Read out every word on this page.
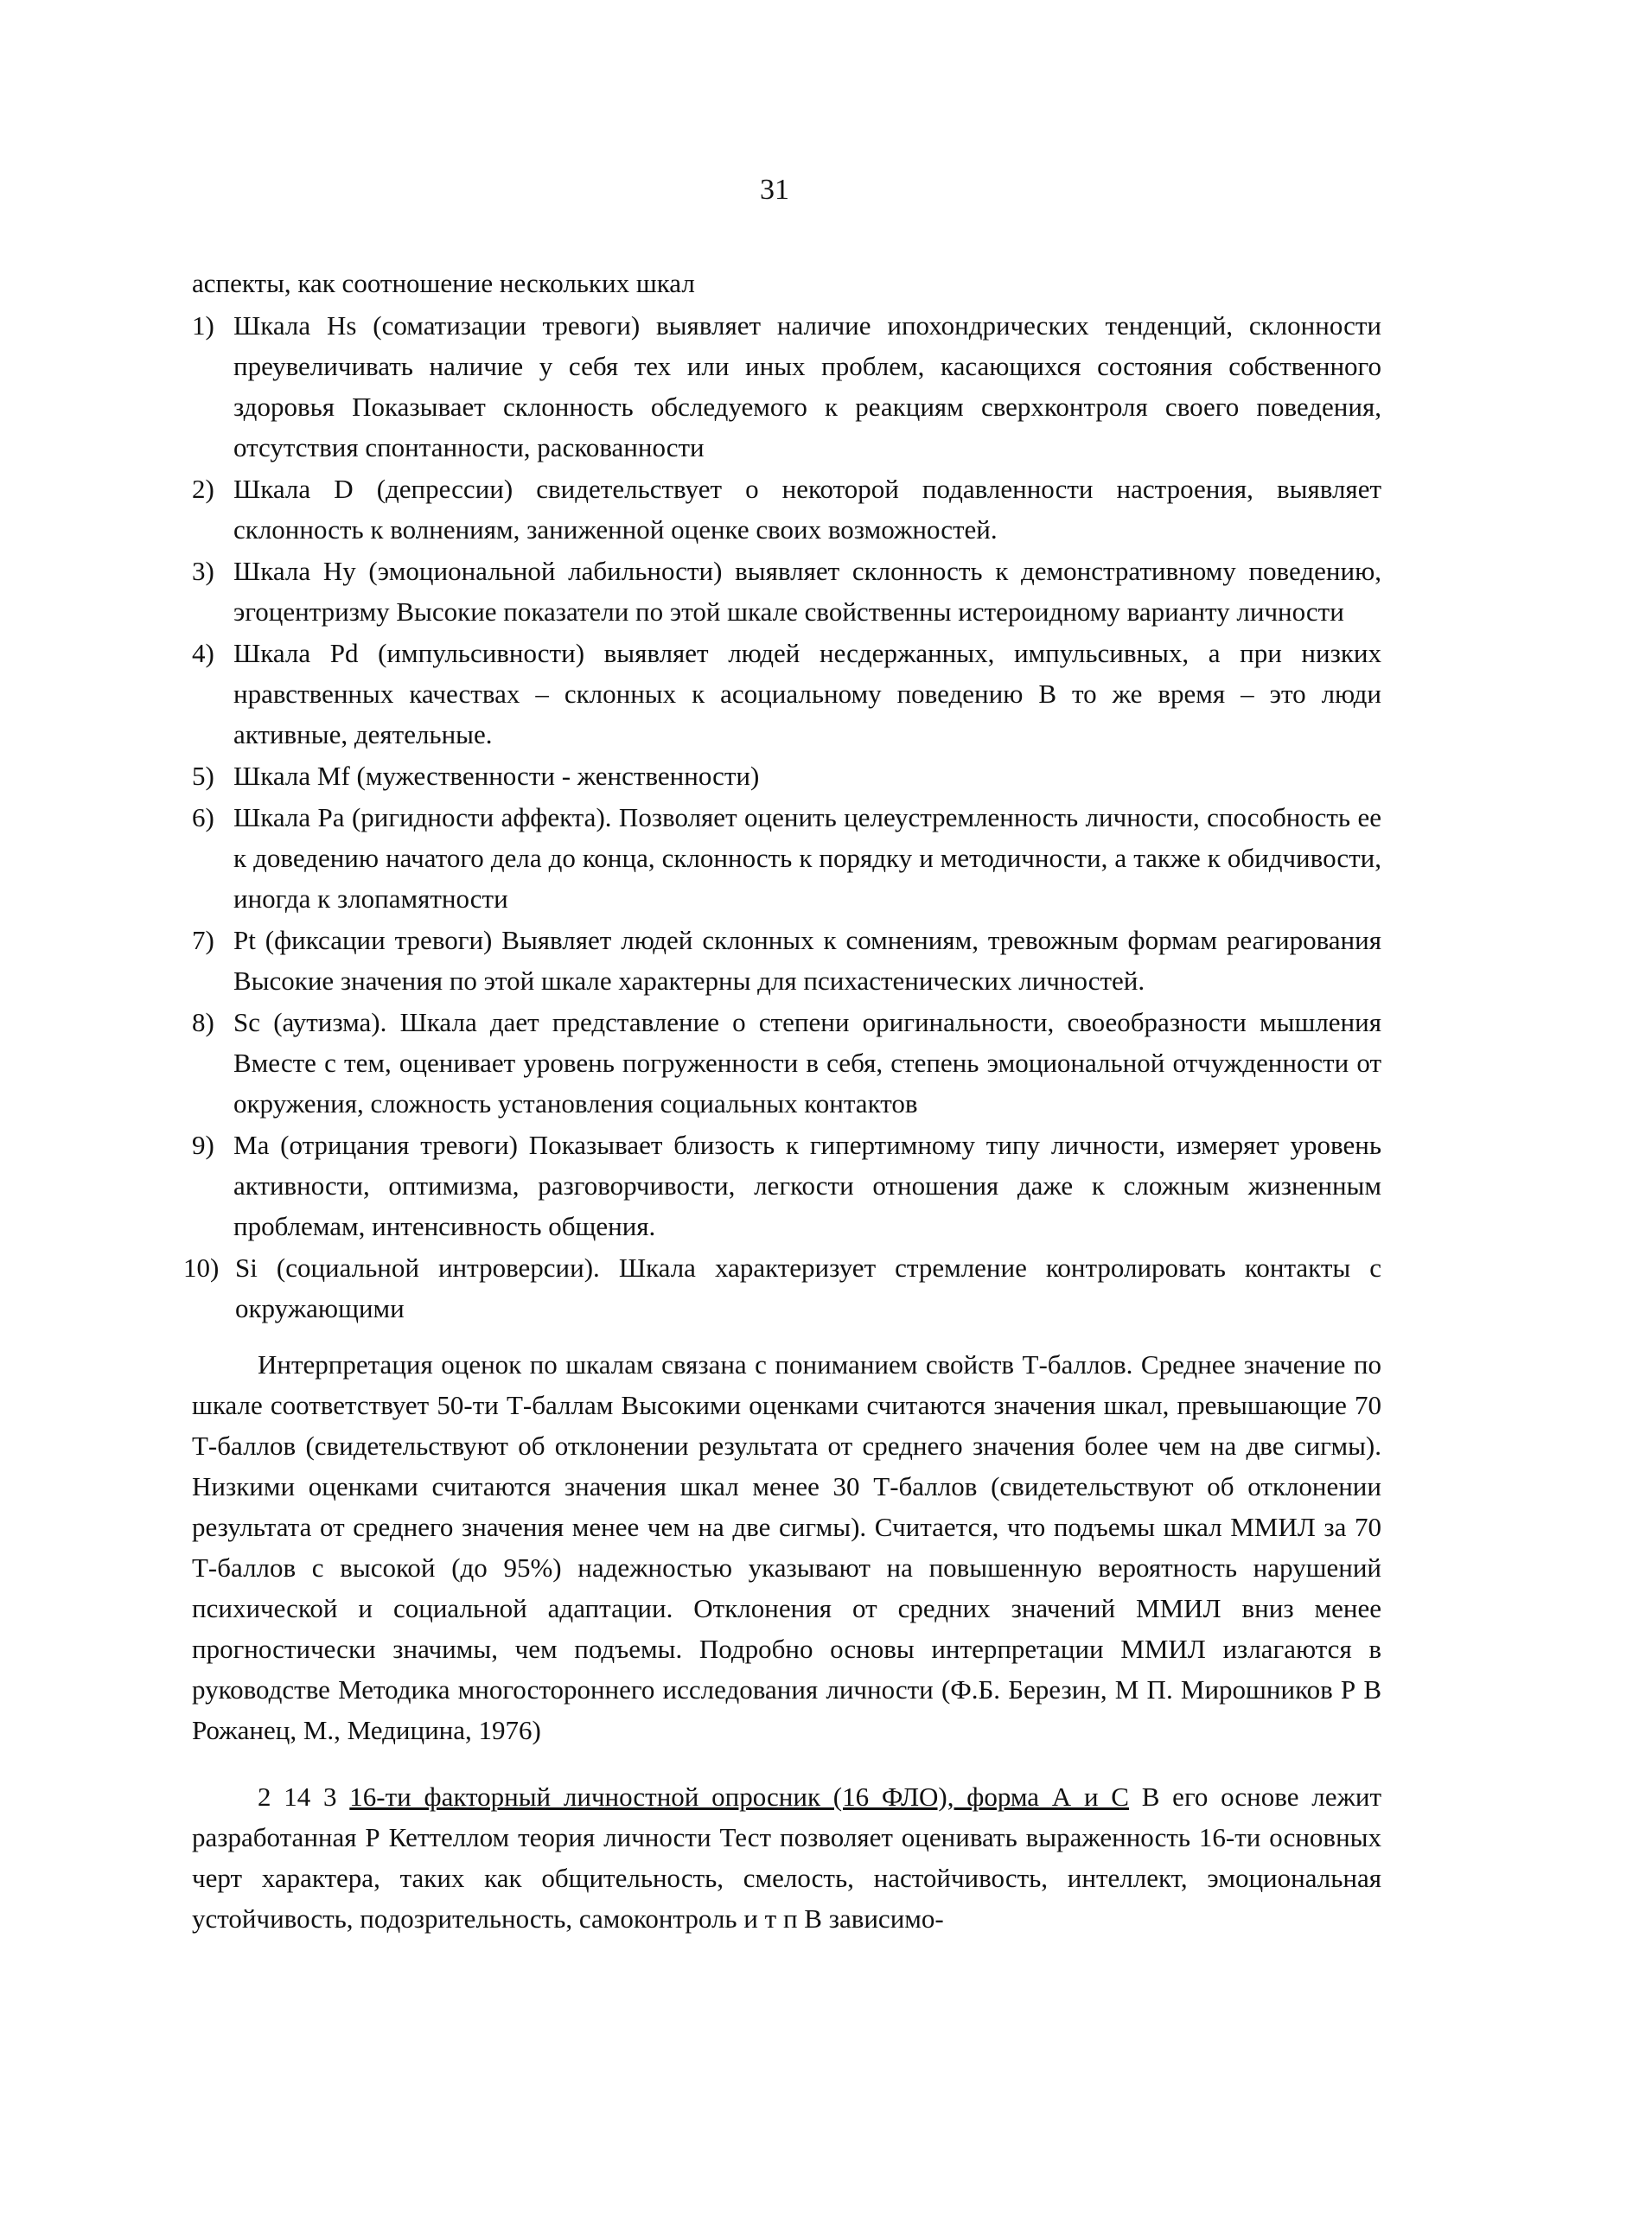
31
аспекты, как соотношение нескольких шкал
1) Шкала Hs (соматизации тревоги) выявляет наличие ипохондрических тенденций, склонности преувеличивать наличие у себя тех или иных проблем, касающихся состояния собственного здоровья Показывает склонность обследуемого к реакциям сверхконтроля своего поведения, отсутствия спонтанности, раскованности
2) Шкала D (депрессии) свидетельствует о некоторой подавленности настроения, выявляет склонность к волнениям, заниженной оценке своих возможностей.
3) Шкала Hy (эмоциональной лабильности) выявляет склонность к демонстративному поведению, эгоцентризму Высокие показатели по этой шкале свойственны истероидному варианту личности
4) Шкала Pd (импульсивности) выявляет людей несдержанных, импульсивных, а при низких нравственных качествах – склонных к асоциальному поведению В то же время – это люди активные, деятельные.
5) Шкала Mf (мужественности - женственности)
6) Шкала Pa (ригидности аффекта). Позволяет оценить целеустремленность личности, способность ее к доведению начатого дела до конца, склонность к порядку и методичности, а также к обидчивости, иногда к злопамятности
7) Pt (фиксации тревоги) Выявляет людей склонных к сомнениям, тревожным формам реагирования Высокие значения по этой шкале характерны для психастенических личностей.
8) Sc (аутизма). Шкала дает представление о степени оригинальности, своеобразности мышления Вместе с тем, оценивает уровень погруженности в себя, степень эмоциональной отчужденности от окружения, сложность установления социальных контактов
9) Ma (отрицания тревоги) Показывает близость к гипертимному типу личности, измеряет уровень активности, оптимизма, разговорчивости, легкости отношения даже к сложным жизненным проблемам, интенсивность общения.
10) Si (социальной интроверсии). Шкала характеризует стремление контролировать контакты с окружающими

Интерпретация оценок по шкалам связана с пониманием свойств Т-баллов. Среднее значение по шкале соответствует 50-ти Т-баллам Высокими оценками считаются значения шкал, превышающие 70 Т-баллов (свидетельствуют об отклонении результата от среднего значения более чем на две сигмы). Низкими оценками считаются значения шкал менее 30 Т-баллов (свидетельствуют об отклонении результата от среднего значения менее чем на две сигмы). Считается, что подъемы шкал ММИЛ за 70 Т-баллов с высокой (до 95%) надежностью указывают на повышенную вероятность нарушений психической и социальной адаптации. Отклонения от средних значений ММИЛ вниз менее прогностически значимы, чем подъемы. Подробно основы интерпретации ММИЛ излагаются в руководстве Методика многостороннего исследования личности (Ф.Б. Березин, М П. Мирошников Р В Рожанец, М., Медицина, 1976)

2 14 3 16-ти факторный личностной опросник (16 ФЛО), форма А и С В его основе лежит разработанная Р Кеттеллом теория личности Тест позволяет оценивать выраженность 16-ти основных черт характера, таких как общительность, смелость, настойчивость, интеллект, эмоциональная устойчивость, подозрительность, самоконтроль и т п В зависимо-
